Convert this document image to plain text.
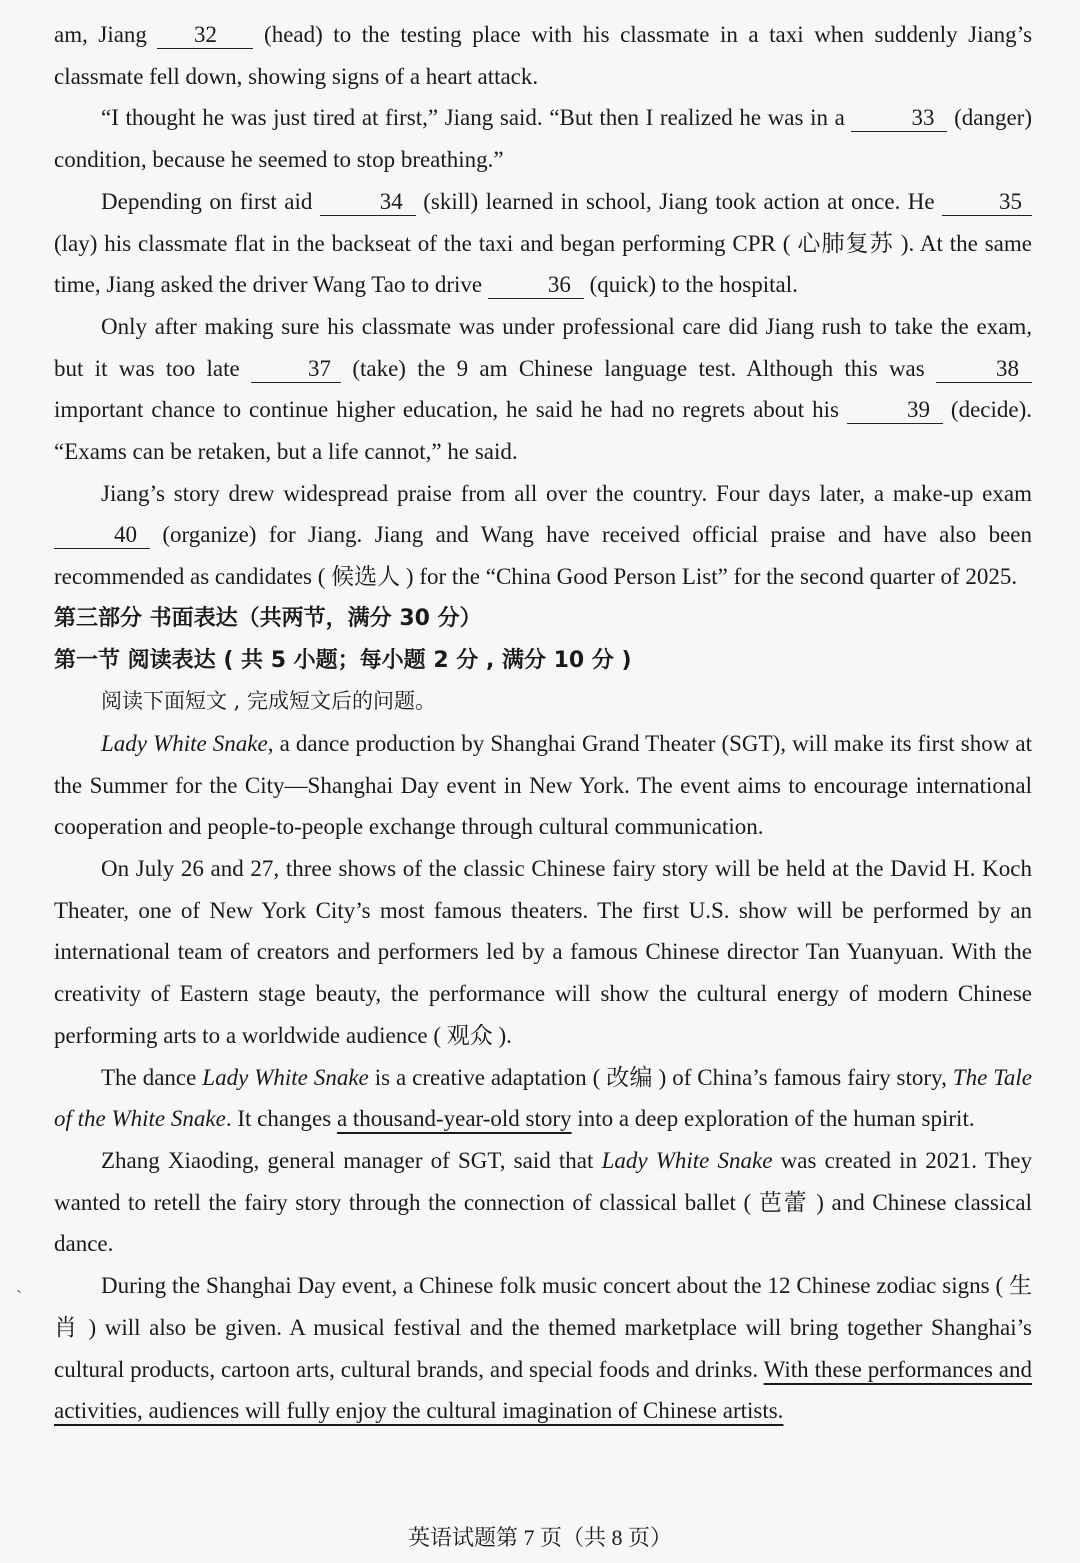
`

am, Jiang 32 (head) to the testing place with his classmate in a taxi when suddenly Jiang’s classmate fell down, showing signs of a heart attack.

“I thought he was just tired at first,” Jiang said. “But then I realized he was in a	33 (danger) condition, because he seemed to stop breathing.”

Depending on first aid	34 (skill) learned in school, Jiang took action at once. He	35 (lay) his classmate flat in the backseat of the taxi and began performing CPR ( 心肺复苏 ). At the same time, Jiang asked the driver Wang Tao to drive	36 (quick) to the hospital.

Only after making sure his classmate was under professional care did Jiang rush to take the exam, but it was too late	37 (take) the 9 am Chinese language test. Although this was	38 important chance to continue higher education, he said he had no regrets about his	39 (decide). “Exams can be retaken, but a life cannot,” he said.

Jiang’s story drew widespread praise from all over the country. Four days later, a make-up exam 40 (organize) for Jiang. Jiang and Wang have received official praise and have also been recommended as candidates ( 候选人 ) for the “China Good Person List” for the second quarter of 2025.

第三部分 书面表达（共两节，满分 30 分）

第一节 阅读表达 ( 共 5 小题；每小题 2 分 , 满分 10 分 )

阅读下面短文 , 完成短文后的问题。

Lady White Snake, a dance production by Shanghai Grand Theater (SGT), will make its first show at the Summer for the City—Shanghai Day event in New York. The event aims to encourage international cooperation and people-to-people exchange through cultural communication.

On July 26 and 27, three shows of the classic Chinese fairy story will be held at the David H. Koch Theater, one of New York City’s most famous theaters. The first U.S. show will be performed by an international team of creators and performers led by a famous Chinese director Tan Yuanyuan. With the creativity of Eastern stage beauty, the performance will show the cultural energy of modern Chinese performing arts to a worldwide audience ( 观众 ).

The dance Lady White Snake is a creative adaptation ( 改编 ) of China’s famous fairy story, The Tale of the White Snake. It changes a thousand-year-old story into a deep exploration of the human spirit.

Zhang Xiaoding, general manager of SGT, said that Lady White Snake was created in 2021. They wanted to retell the fairy story through the connection of classical ballet ( 芭蕾 ) and Chinese classical dance.

During the Shanghai Day event, a Chinese folk music concert about the 12 Chinese zodiac signs ( 生肖 ) will also be given. A musical festival and the themed marketplace will bring together Shanghai’s cultural products, cartoon arts, cultural brands, and special foods and drinks. With these performances and activities, audiences will fully enjoy the cultural imagination of Chinese artists.

英语试题第 7 页（共 8 页）
